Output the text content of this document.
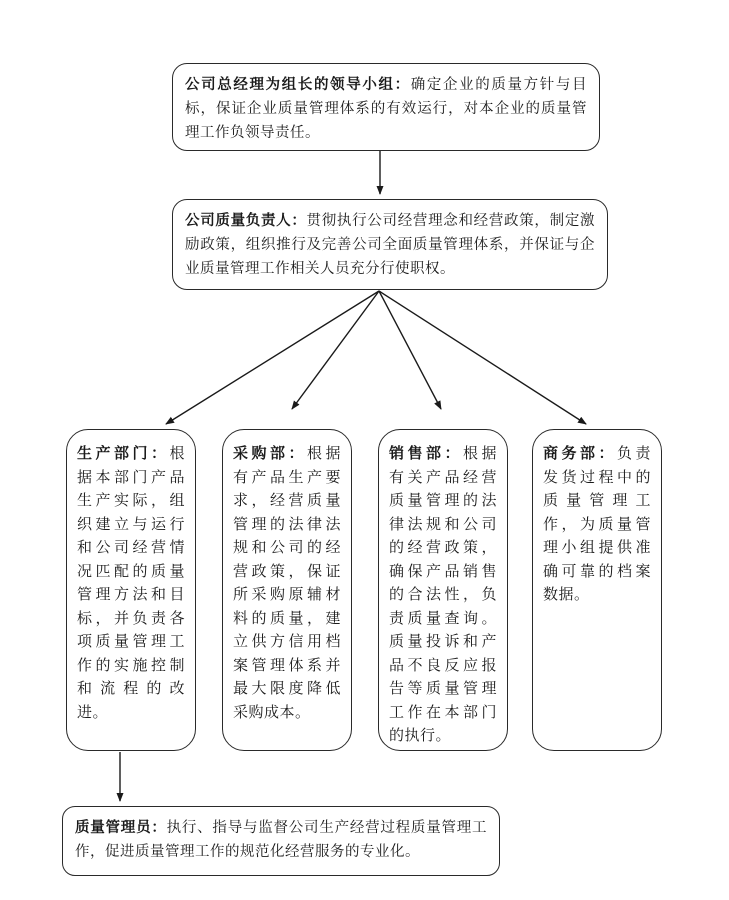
公司总经理为组长的领导小组：确定企业的质量方针与目标，保证企业质量管理体系的有效运行，对本企业的质量管理工作负领导责任。

公司质量负责人：贯彻执行公司经营理念和经营政策，制定激励政策，组织推行及完善公司全面质量管理体系，并保证与企业质量管理工作相关人员充分行使职权。

生产部门：根据本部门产品生产实际，组织建立与运行和公司经营情况匹配的质量管理方法和目标，并负责各项质量管理工作的实施控制和流程的改进。

采购部：根据有产品生产要求，经营质量管理的法律法规和公司的经营政策，保证所采购原辅材料的质量，建立供方信用档案管理体系并最大限度降低采购成本。

销售部：根据有关产品经营质量管理的法律法规和公司的经营政策，确保产品销售的合法性，负责质量查询。质量投诉和产品不良反应报告等质量管理工作在本部门的执行。

商务部：负责发货过程中的质量管理工作，为质量管理小组提供准确可靠的档案数据。

质量管理员：执行、指导与监督公司生产经营过程质量管理工作，促进质量管理工作的规范化经营服务的专业化。
